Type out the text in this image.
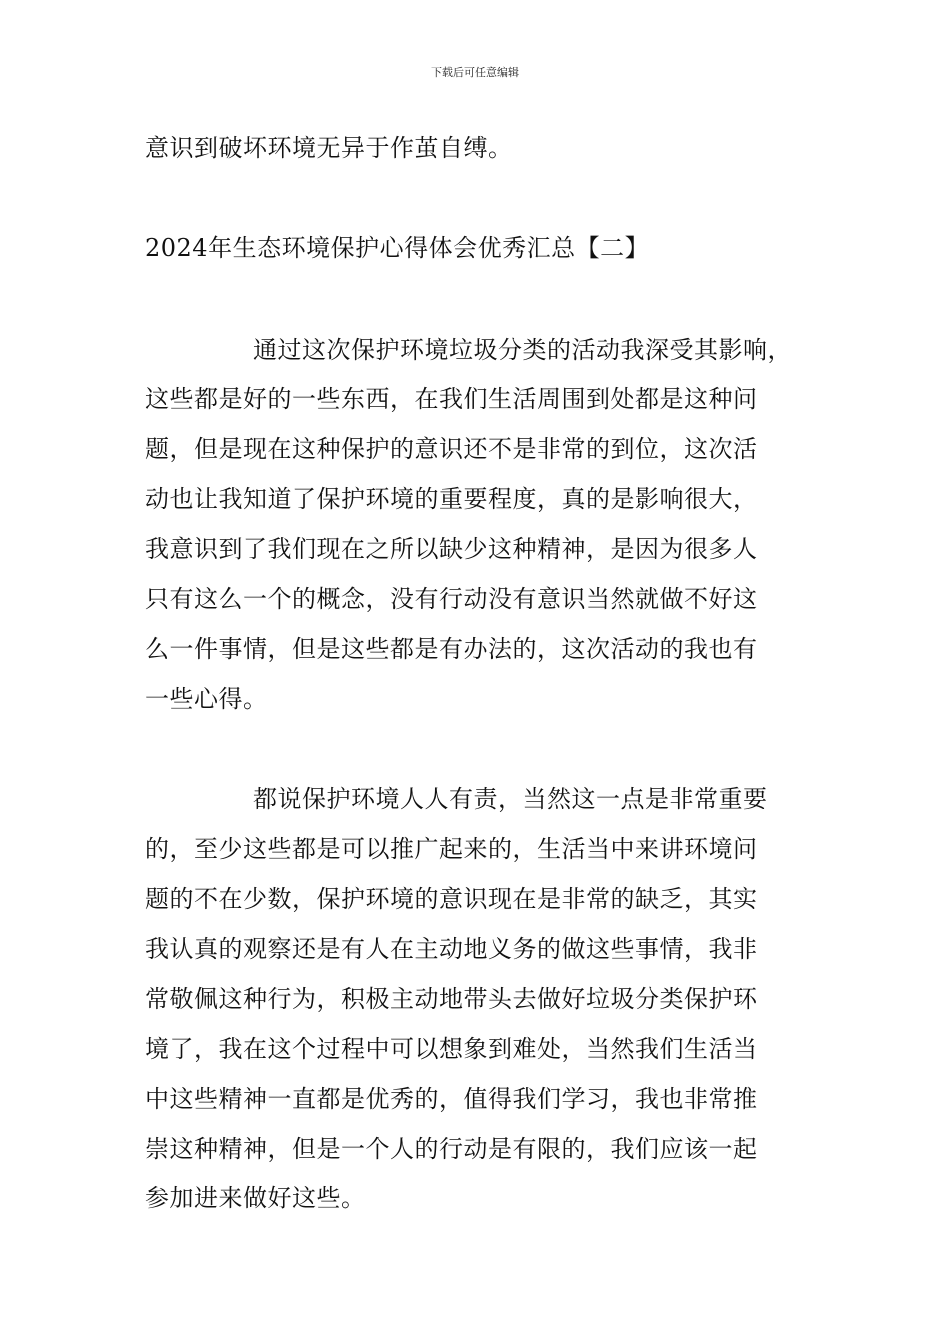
下载后可任意编辑
意识到破坏环境无异于作茧自缚。
2024年生态环境保护心得体会优秀汇总【二】
通过这次保护环境垃圾分类的活动我深受其影响，
这些都是好的一些东西，在我们生活周围到处都是这种问
题，但是现在这种保护的意识还不是非常的到位，这次活
动也让我知道了保护环境的重要程度，真的是影响很大，
我意识到了我们现在之所以缺少这种精神，是因为很多人
只有这么一个的概念，没有行动没有意识当然就做不好这
么一件事情，但是这些都是有办法的，这次活动的我也有
一些心得。
都说保护环境人人有责，当然这一点是非常重要
的，至少这些都是可以推广起来的，生活当中来讲环境问
题的不在少数，保护环境的意识现在是非常的缺乏，其实
我认真的观察还是有人在主动地义务的做这些事情，我非
常敬佩这种行为，积极主动地带头去做好垃圾分类保护环
境了，我在这个过程中可以想象到难处，当然我们生活当
中这些精神一直都是优秀的，值得我们学习，我也非常推
崇这种精神，但是一个人的行动是有限的，我们应该一起
参加进来做好这些。
